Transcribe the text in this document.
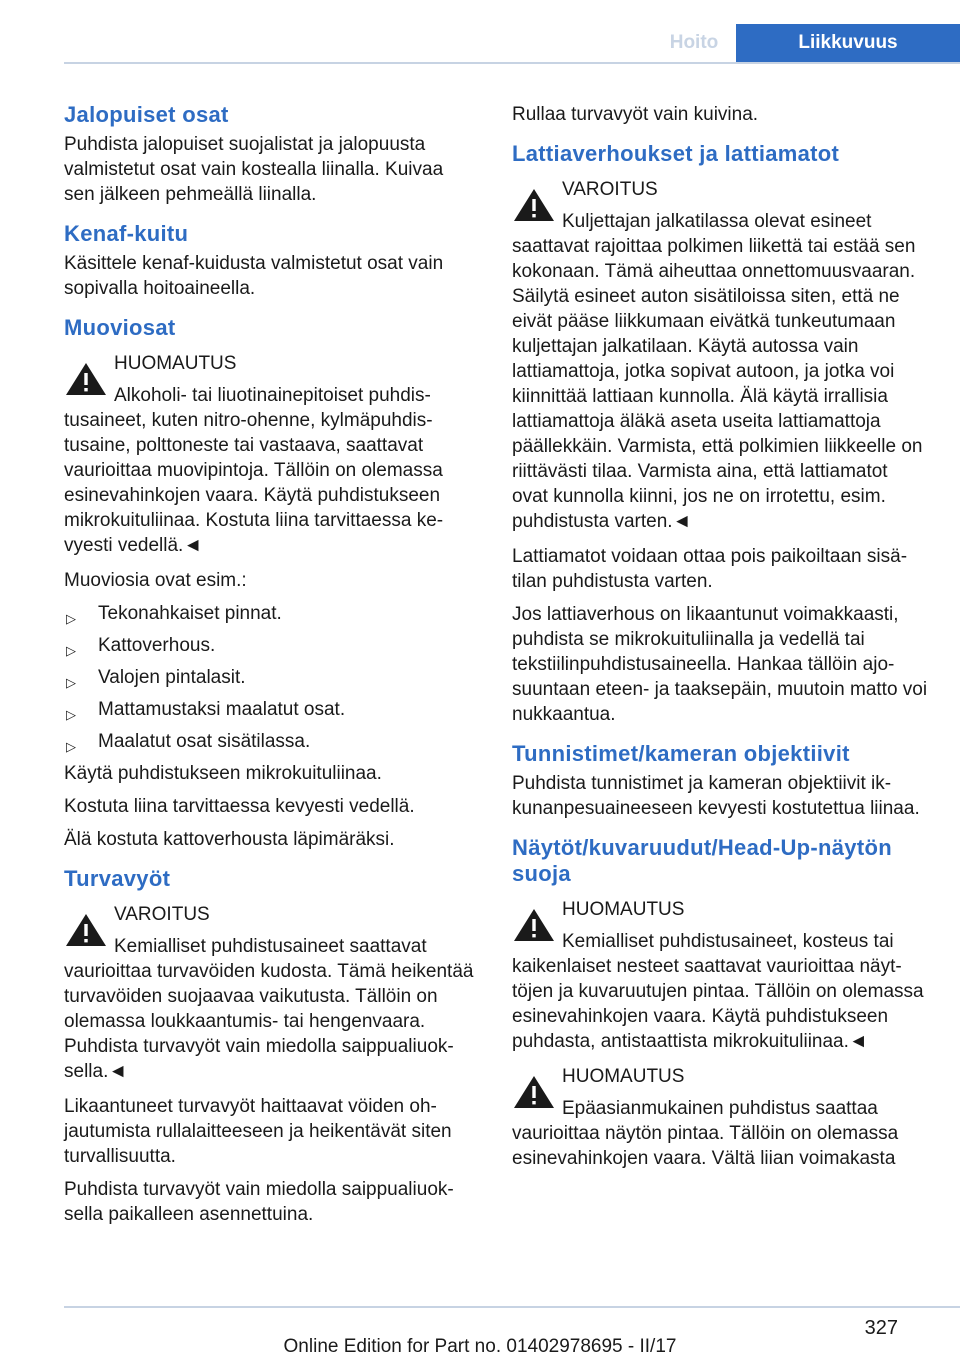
Hoito	Liikkuvuus
Jalopuiset osat

Puhdista jalopuiset suojalistat ja jalopuusta valmistetut osat vain kostealla liinalla. Kuivaa sen jälkeen pehmeällä liinalla.

Kenaf-kuitu

Käsittele kenaf-kuidusta valmistetut osat vain sopivalla hoitoaineella.

Muoviosat
HUOMAUTUS

Alkoholi- tai liuotinainepitoiset puhdistusaineet, kuten nitro-ohenne, kylmäpuhdistusaine, polttoneste tai vastaava, saattavat vaurioittaa muovipintoja. Tällöin on olemassa esinevahinkojen vaara. Käytä puhdistukseen mikrokuituliinaa. Kostuta liina tarvittaessa kevyesti vedellä.◄

Muoviosia ovat esim.:

▷ Tekonahkaiset pinnat.
▷ Kattoverhous.
▷ Valojen pintalasit.
▷ Mattamustaksi maalatut osat.
▷ Maalatut osat sisätilassa.

Käytä puhdistukseen mikrokuituliinaa.

Kostuta liina tarvittaessa kevyesti vedellä.

Älä kostuta kattoverhousta läpimäräksi.

Turvavyöt
VAROITUS

Kemialliset puhdistusaineet saattavat vaurioittaa turvavöiden kudosta. Tämä heikentää turvavöiden suojaavaa vaikutusta. Tällöin on olemassa loukkaantumis- tai hengenvaara. Puhdista turvavyöt vain miedolla saippualiuoksella.◄

Likaantuneet turvavyöt haittaavat vöiden ohjautumista rullalaitteeseen ja heikentävät siten turvallisuutta.

Puhdista turvavyöt vain miedolla saippualiuoksella paikalleen asennettuina.

Rullaa turvavyöt vain kuivina.

Lattiaverhoukset ja lattiamatot
VAROITUS

Kuljettajan jalkatilassa olevat esineet saattavat rajoittaa polkimen liikettä tai estää sen kokonaan. Tämä aiheuttaa onnettomuusvaaran. Säilytä esineet auton sisätiloissa siten, että ne eivät pääse liikkumaan eivätkä tunkeutumaan kuljettajan jalkatilaan. Käytä autossa vain lattiamattoja, jotka sopivat autoon, ja jotka voi kiinnittää lattiaan kunnolla. Älä käytä irrallisia lattiamattoja äläkä aseta useita lattiamattoja päällekkäin. Varmista, että polkimien liikkeelle on riittävästi tilaa. Varmista aina, että lattiamatot ovat kunnolla kiinni, jos ne on irrotettu, esim. puhdistusta varten.◄

Lattiamatot voidaan ottaa pois paikoiltaan sisätilan puhdistusta varten.

Jos lattiaverhous on likaantunut voimakkaasti, puhdista se mikrokuituliinalla ja vedellä tai tekstiilinpuhdistusaineella. Hankaa tällöin ajosuuntaan eteen- ja taaksepäin, muutoin matto voi nukkaantua.

Tunnistimet/kameran objektiivit

Puhdista tunnistimet ja kameran objektiivit ikkunanpesuaineeseen kevyesti kostutettua liinaa.

Näytöt/kuvaruudut/Head-Up-näytön suoja
HUOMAUTUS

Kemialliset puhdistusaineet, kosteus tai kaikenlaiset nesteet saattavat vaurioittaa näyttöjen ja kuvaruutujen pintaa. Tällöin on olemassa esinevahinkojen vaara. Käytä puhdistukseen puhdasta, antistaattista mikrokuituliinaa.◄

HUOMAUTUS

Epäasianmukainen puhdistus saattaa vaurioittaa näytön pintaa. Tällöin on olemassa esinevahinkojen vaara. Vältä liian voimakasta

327
Online Edition for Part no. 01402978695 - II/17
